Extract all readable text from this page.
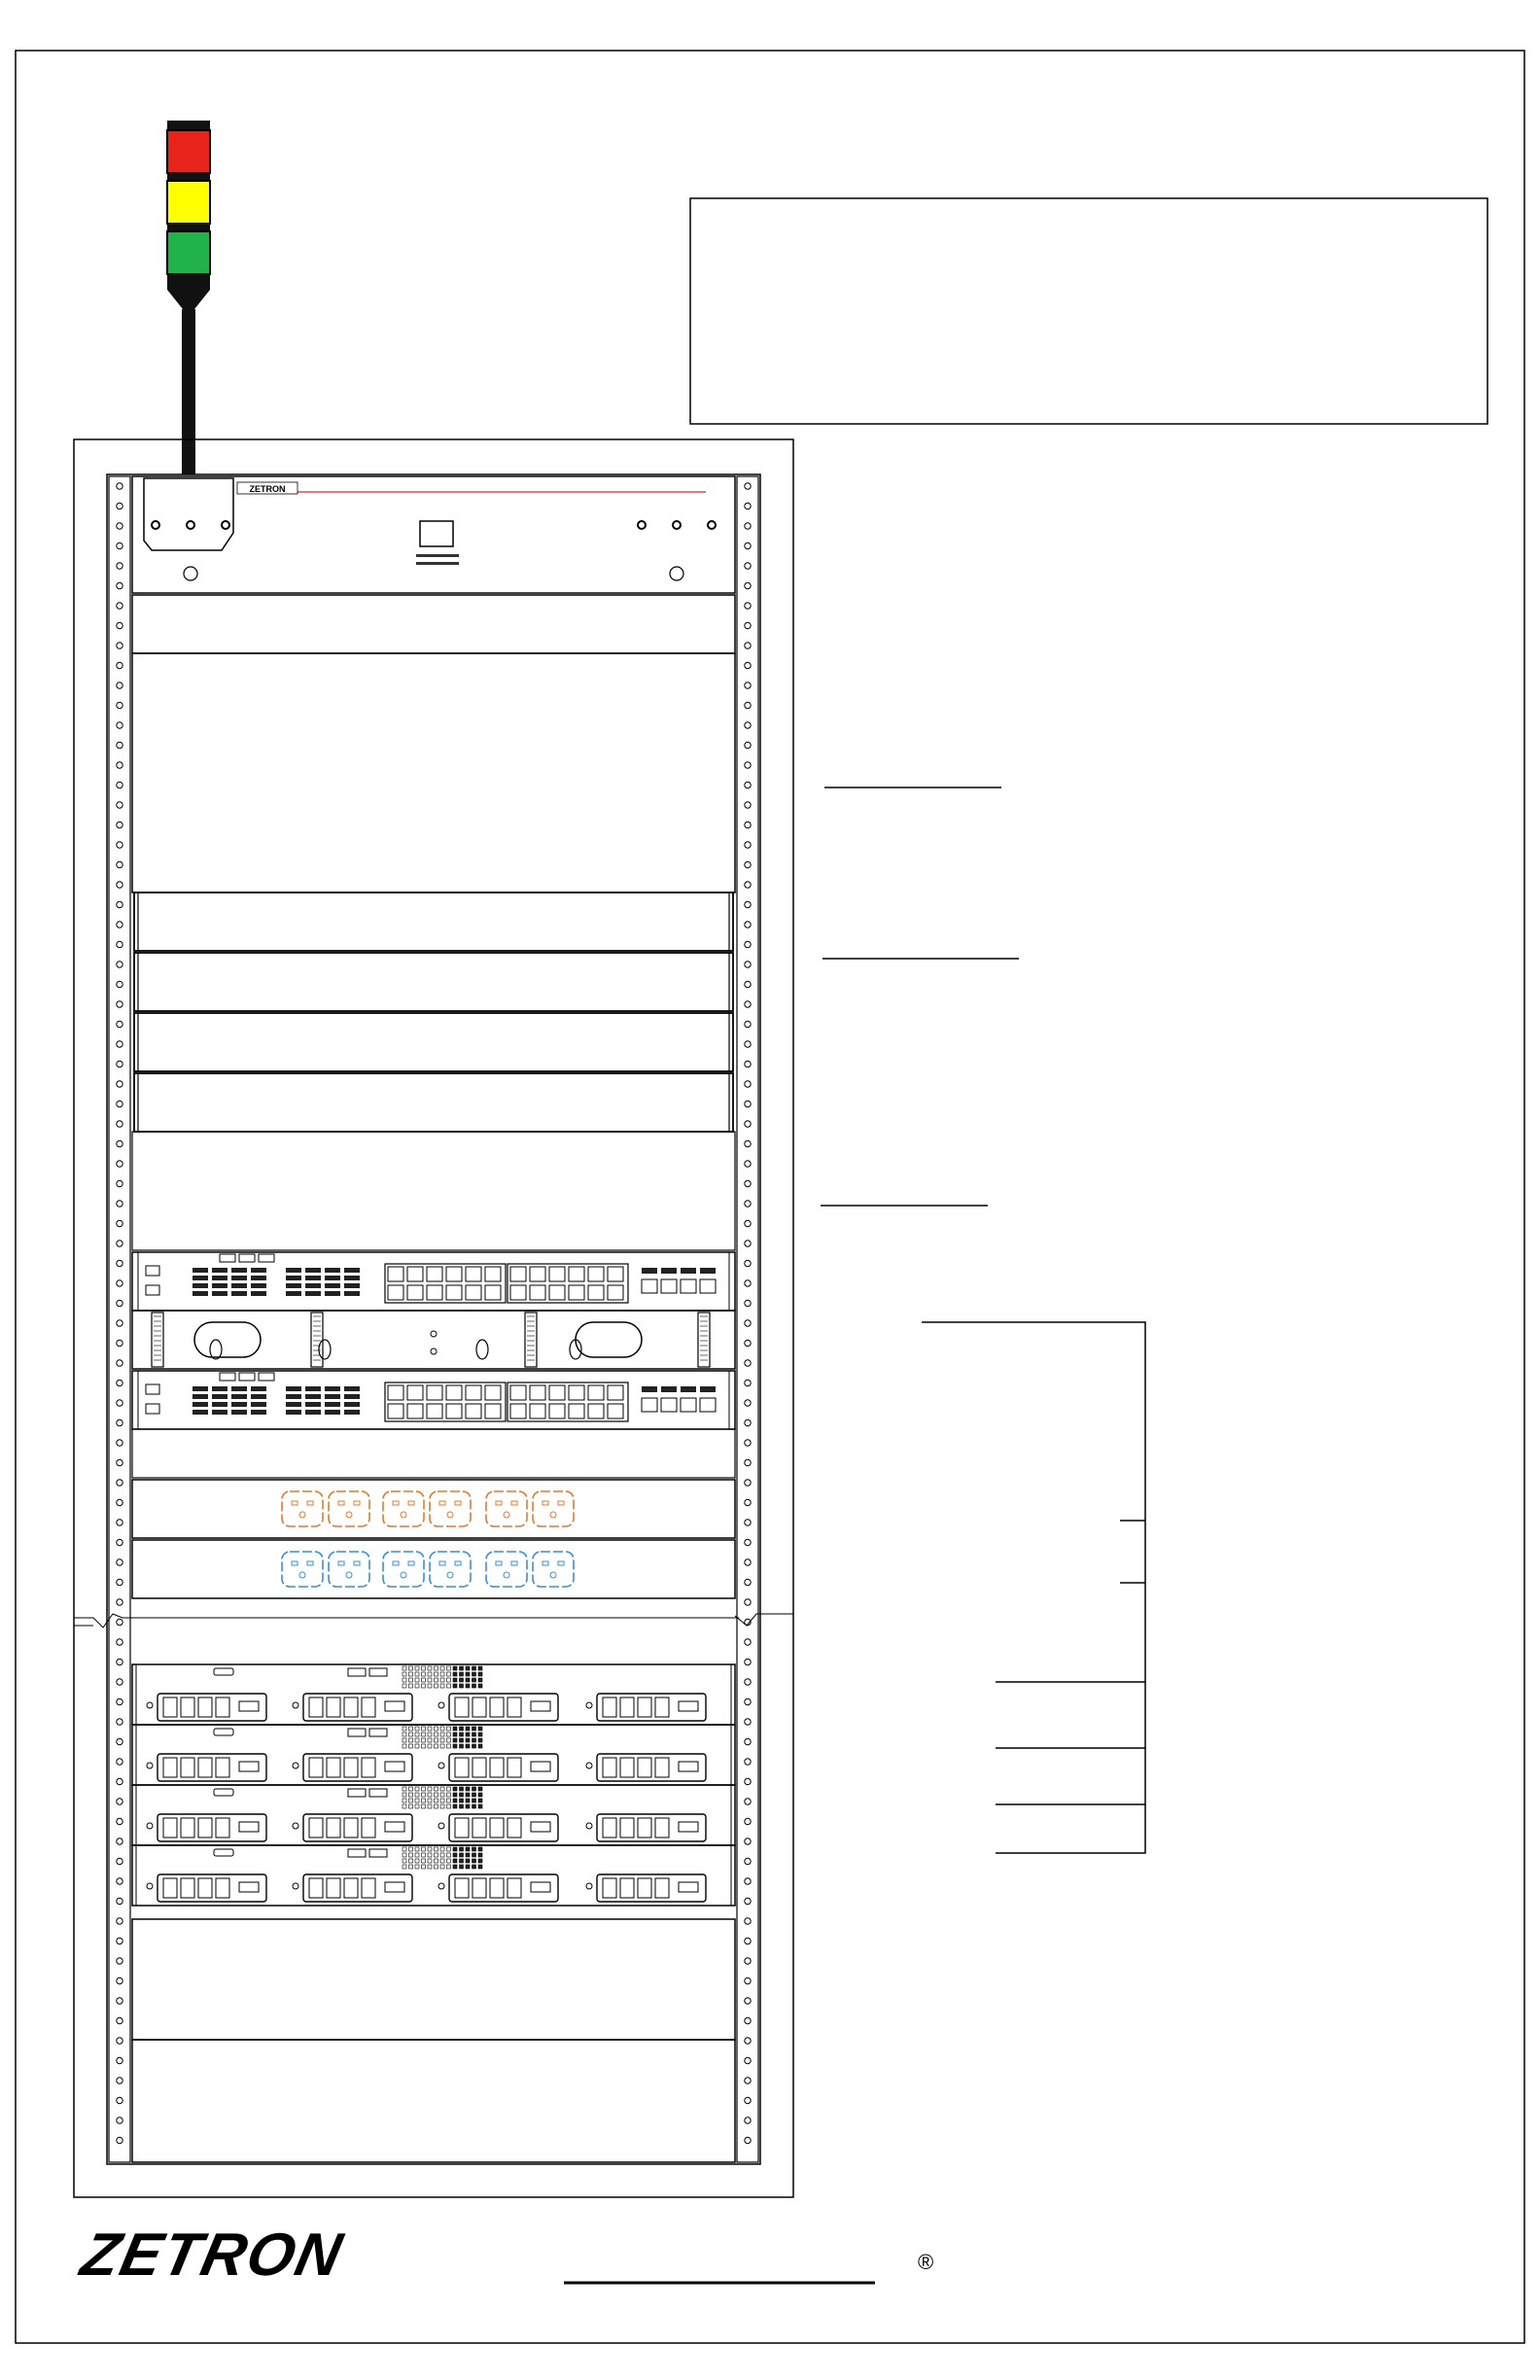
ZETRON
ZETRON	®
